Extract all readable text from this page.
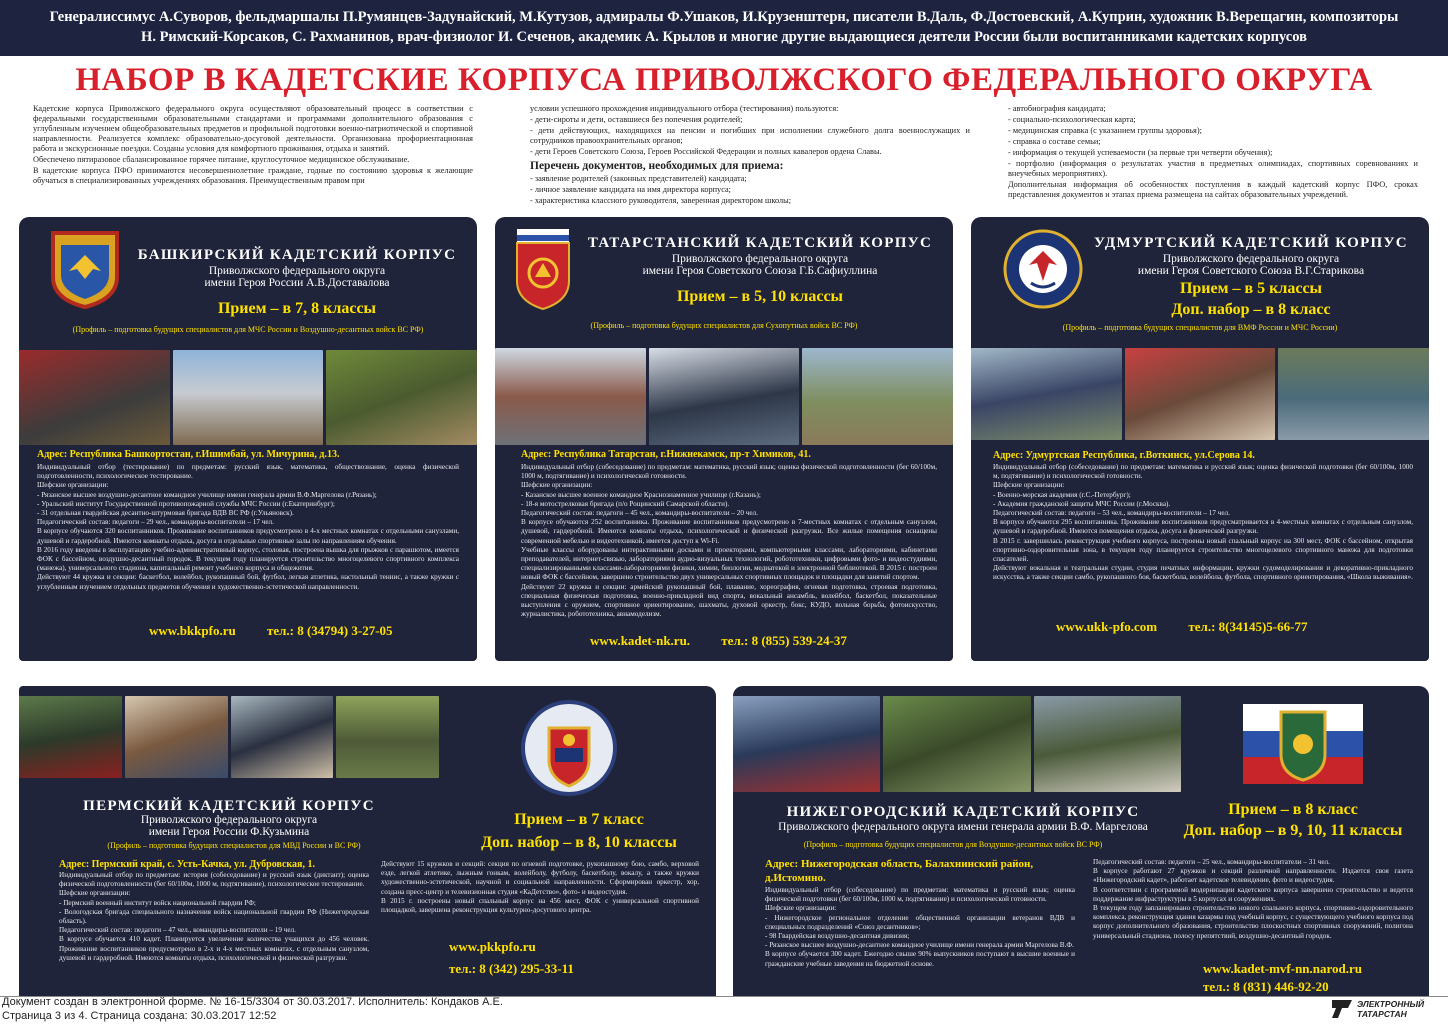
Генералиссимус А.Суворов, фельдмаршалы П.Румянцев-Задунайский, М.Кутузов, адмиралы Ф.Ушаков, И.Крузенштерн, писатели В.Даль, Ф.Достоевский, А.Куприн, художник В.Верещагин, композиторы
Н. Римский-Корсаков, С. Рахманинов, врач-физиолог И. Сеченов, академик А. Крылов и многие другие выдающиеся деятели России были воспитанниками кадетских корпусов
НАБОР В КАДЕТСКИЕ КОРПУСА ПРИВОЛЖСКОГО ФЕДЕРАЛЬНОГО ОКРУГА

Кадетские корпуса Приволжского федерального округа осуществляют образовательный процесс в соответствии с федеральными государственными образовательными стандартами и программами дополнительного образования с углубленным изучением общеобразовательных предметов и профильной подготовки военно-патриотической и спортивной направленности. Реализуется комплекс образовательно-досуговой деятельности. Организована профориентационная работа и экскурсионные поездки. Созданы условия для комфортного проживания, отдыха и занятий.

Обеспечено пятиразовое сбалансированное горячее питание, круглосуточное медицинское обслуживание.

В кадетские корпуса ПФО принимаются несовершеннолетние граждане, годные по состоянию здоровья к желающие обучаться в специализированных учреждениях образования. Преимущественным правом при

условии успешного прохождения индивидуального отбора (тестирования) пользуются:

- дети-сироты и дети, оставшиеся без попечения родителей;

- дети действующих, находящихся на пенсии и погибших при исполнении служебного долга военнослужащих и сотрудников правоохранительных органов;

- дети Героев Советского Союза, Героев Российской Федерации и полных кавалеров ордена Славы.

Перечень документов, необходимых для приема:

- заявление родителей (законных представителей) кандидата;

- личное заявление кандидата на имя директора корпуса;

- характеристика классного руководителя, заверенная директором школы;

- автобиография кандидата;

- социально-психологическая карта;

- медицинская справка (с указанием группы здоровья);

- справка о составе семьи;

- информация о текущей успеваемости (за первые три четверти обучения);

- портфолио (информация о результатах участия в предметных олимпиадах, спортивных соревнованиях и внеучебных мероприятиях).

Дополнительная информация об особенностях поступления в каждый кадетский корпус ПФО, сроках представления документов и этапах приема размещена на сайтах образовательных учреждений.

БАШКИРСКИЙ КАДЕТСКИЙ КОРПУС
Приволжского федерального округа
имени Героя России А.В.Доставалова
Прием – в 7, 8 классы
(Профиль – подготовка будущих специалистов для МЧС России и Воздушно-десантных войск ВС РФ)
Адрес: Республика Башкортостан, г.Ишимбай, ул. Мичурина, д.13.

Индивидуальный отбор (тестирование) по предметам: русский язык, математика, обществознание, оценка физической подготовленности, психологическое тестирование.

Шефские организации:

- Рязанское высшее воздушно-десантное командное училище имени генерала армии В.Ф.Маргелова (г.Рязань);

- Уральский институт Государственной противопожарной службы МЧС России (г.Екатеринбург);

- 31 отдельная гвардейская десантно-штурмовая бригада ВДВ ВС РФ (г.Ульяновск).

Педагогический состав: педагоги – 29 чел., командиры-воспитатели – 17 чел.

В корпусе обучаются 320 воспитанников. Проживание воспитанников предусмотрено в 4-х местных комнатах с отдельными санузлами, душевой и гардеробной. Имеются комнаты отдыха, досуга и отдельные спортивные залы по направлениям обучения.

В 2016 году введены в эксплуатацию учебно-административный корпус, столовая, построена вышка для прыжков с парашютом, имеется ФОК с бассейном, воздушно-десантный городок. В текущем году планируется строительство многоцелевого спортивного комплекса (манежа), универсального стадиона, капитальный ремонт учебного корпуса и общежития.

Действуют 44 кружка и секции: баскетбол, волейбол, рукопашный бой, футбол, легкая атлетика, настольный теннис, а также кружки с углубленным изучением отдельных предметов обучения и художественно-эстетической направленности.

www.bkkpfo.ru тел.: 8 (34794) 3-27-05
ТАТАРСТАНСКИЙ КАДЕТСКИЙ КОРПУС
Приволжского федерального округа
имени Героя Советского Союза Г.Б.Сафиуллина
Прием – в 5, 10 классы
(Профиль – подготовка будущих специалистов для Сухопутных войск ВС РФ)
Адрес: Республика Татарстан, г.Нижнекамск, пр-т Химиков, 41.

Индивидуальный отбор (собеседование) по предметам: математика, русский язык; оценка физической подготовленности (бег 60/100м, 1000 м, подтягивание) и психологической готовности.

Шефские организации:

- Казанское высшее военное командное Краснознаменное училище (г.Казань);

- 18-я мотострелковая бригада (п/о Рощинский Самарской области).

Педагогический состав: педагоги – 45 чел., командиры-воспитатели – 20 чел.

В корпусе обучаются 252 воспитанника. Проживание воспитанников предусмотрено в 7-местных комнатах с отдельным санузлом, душевой, гардеробной. Имеются комнаты отдыха, психологической и физической разгрузки. Все жилые помещения оснащены современной мебелью и видеотехникой, имеется доступ к Wi-Fi.

Учебные классы оборудованы интерактивными досками и проекторами, компьютерными классами, лабораториями, кабинетами преподавателей, интернет-связью, лабораториями аудио-визуальных технологий, робототехники, цифровыми фото- и видеостудиями, специализированными классами-лабораториями физики, химии, биологии, медиатекой и электронной библиотекой. В 2015 г. построен новый ФОК с бассейном, завершено строительство двух универсальных спортивных площадок и площадки для занятий спортом.

Действуют 22 кружка и секции: армейский рукопашный бой, плавание, хореография, огневая подготовка, строевая подготовка, специальная физическая подготовка, военно-прикладной вид спорта, вокальный ансамбль, волейбол, баскетбол, показательные выступления с оружием, спортивное ориентирование, шахматы, духовой оркестр, бокс, КУДО, вольная борьба, фотоискусство, журналистика, робототехника, авиамоделизм.

www.kadet-nk.ru. тел.: 8 (855) 539-24-37
УДМУРТСКИЙ КАДЕТСКИЙ КОРПУС
Приволжского федерального округа
имени Героя Советского Союза В.Г.Старикова
Прием – в 5 классы
Доп. набор – в 8 класс
(Профиль – подготовка будущих специалистов для ВМФ России и МЧС России)
Адрес: Удмуртская Республика, г.Воткинск, ул.Серова 14.

Индивидуальный отбор (собеседование) по предметам: математика и русский язык; оценка физической подготовки (бег 60/100м, 1000 м, подтягивание) и психологической готовности.

Шефские организации:

- Военно-морская академия (г.С.-Петербург);

- Академия гражданской защиты МЧС России (г.Москва).

Педагогический состав: педагоги – 53 чел., командиры-воспитатели – 17 чел.

В корпусе обучаются 295 воспитанника. Проживание воспитанников предусматривается в 4-местных комнатах с отдельным санузлом, душевой и гардеробной. Имеются помещения отдыха, досуга и физической разгрузки.

В 2015 г. завершилась реконструкция учебного корпуса, построены новый спальный корпус на 300 мест, ФОК с бассейном, открытая спортивно-оздоровительная зона, в текущем году планируется строительство многоцелевого спортивного манежа для подготовки спасателей.

Действуют вокальная и театральная студии, студия печатных информации, кружки судомоделирования и декоративно-прикладного искусства, а также секции самбо, рукопашного боя, баскетбола, волейбола, футбола, спортивного ориентирования, «Школа выживания».

www.ukk-pfo.com тел.: 8(34145)5-66-77
ПЕРМСКИЙ КАДЕТСКИЙ КОРПУС
Приволжского федерального округа
имени Героя России Ф.Кузьмина
Прием – в 7 класс
Доп. набор – в 8, 10 классы
(Профиль – подготовка будущих специалистов для МВД России и ВС РФ)
Адрес: Пермский край, с. Усть-Качка, ул. Дубровская, 1.

Индивидуальный отбор по предметам: история (собеседование) и русский язык (диктант); оценка физической подготовленности (бег 60/100м, 1000 м, подтягивание), психологическое тестирование.

Шефские организации:

- Пермский военный институт войск национальной гвардии РФ;

- Вологодская бригада специального назначения войск национальной гвардии РФ (Нижегородская область).

Педагогический состав: педагоги – 47 чел., командиры-воспитатели – 19 чел.

В корпусе обучается 410 кадет. Планируется увеличение количества учащихся до 456 человек. Проживание воспитанников предусмотрено в 2-х и 4-х местных комнатах, с отдельным санузлом, душевой и гардеробной. Имеются комнаты отдыха, психологической и физической разгрузки.

Действуют 15 кружков и секций: секция по огневой подготовке, рукопашному бою, самбо, верховой езде, легкой атлетике, лыжным гонкам, волейболу, футболу, баскетболу, вокалу, а также кружки художественно-эстетической, научной и социальной направленности. Сформирован оркестр, хор, создана пресс-центр и телевизионная студия «КаДетство», фото- и видеостудия.

В 2015 г. построены новый спальный корпус на 456 мест, ФОК с универсальной спортивной площадкой, завершена реконструкция культурно-досугового центра.

www.pkkpfo.ru
тел.: 8 (342) 295-33-11
Прием – в 8 класс
Доп. набор – в 9, 10, 11 классы
НИЖЕГОРОДСКИЙ КАДЕТСКИЙ КОРПУС
Приволжского федерального округа имени генерала армии В.Ф. Маргелова
(Профиль – подготовка будущих специалистов для Воздушно-десантных войск ВС РФ)
Адрес: Нижегородская область, Балахнинский район,
д.Истомино.

Индивидуальный отбор (собеседование) по предметам: математика и русский язык; оценка физической подготовки (бег 60/100м, 1000 м, подтягивание) и психологической готовности.

Шефские организации:

- Нижегородское региональное отделение общественной организации ветеранов ВДВ и специальных подразделений «Союз десантников»;

- 98 Гвардейская воздушно-десантная дивизия;

- Рязанское высшее воздушно-десантное командное училище имени генерала армии Маргелова В.Ф.

В корпусе обучается 300 кадет. Ежегодно свыше 90% выпускников поступают в высшие военные и гражданские учебные заведения на бюджетной основе.

Педагогический состав: педагоги – 25 чел., командиры-воспитатели – 31 чел.

В корпусе работают 27 кружков и секций различной направленности. Издается своя газета «Нижегородский кадет», работает кадетское телевидение, фото и видеостудия.

В соответствии с программой модернизации кадетского корпуса завершено строительство и ведется поддержание инфраструктуры в 5 корпусах и сооружениях.

В текущем году запланировано строительство нового спального корпуса, спортивно-оздоровительного комплекса, реконструкция здания казармы под учебный корпус, с существующего учебного корпуса под корпус дополнительного образования, строительство плоскостных спортивных сооружений, полигона универсальный стадиона, полосу препятствий, воздушно-десантный городок.

www.kadet-mvf-nn.narod.ru
тел.: 8 (831) 446-92-20
Документ создан в электронной форме. № 16-15/3304 от 30.03.2017. Исполнитель: Кондаков А.Е.
Страница 3 из 4. Страница создана: 30.03.2017 12:52
ЭЛЕКТРОННЫЙ ТАТАРСТАН
